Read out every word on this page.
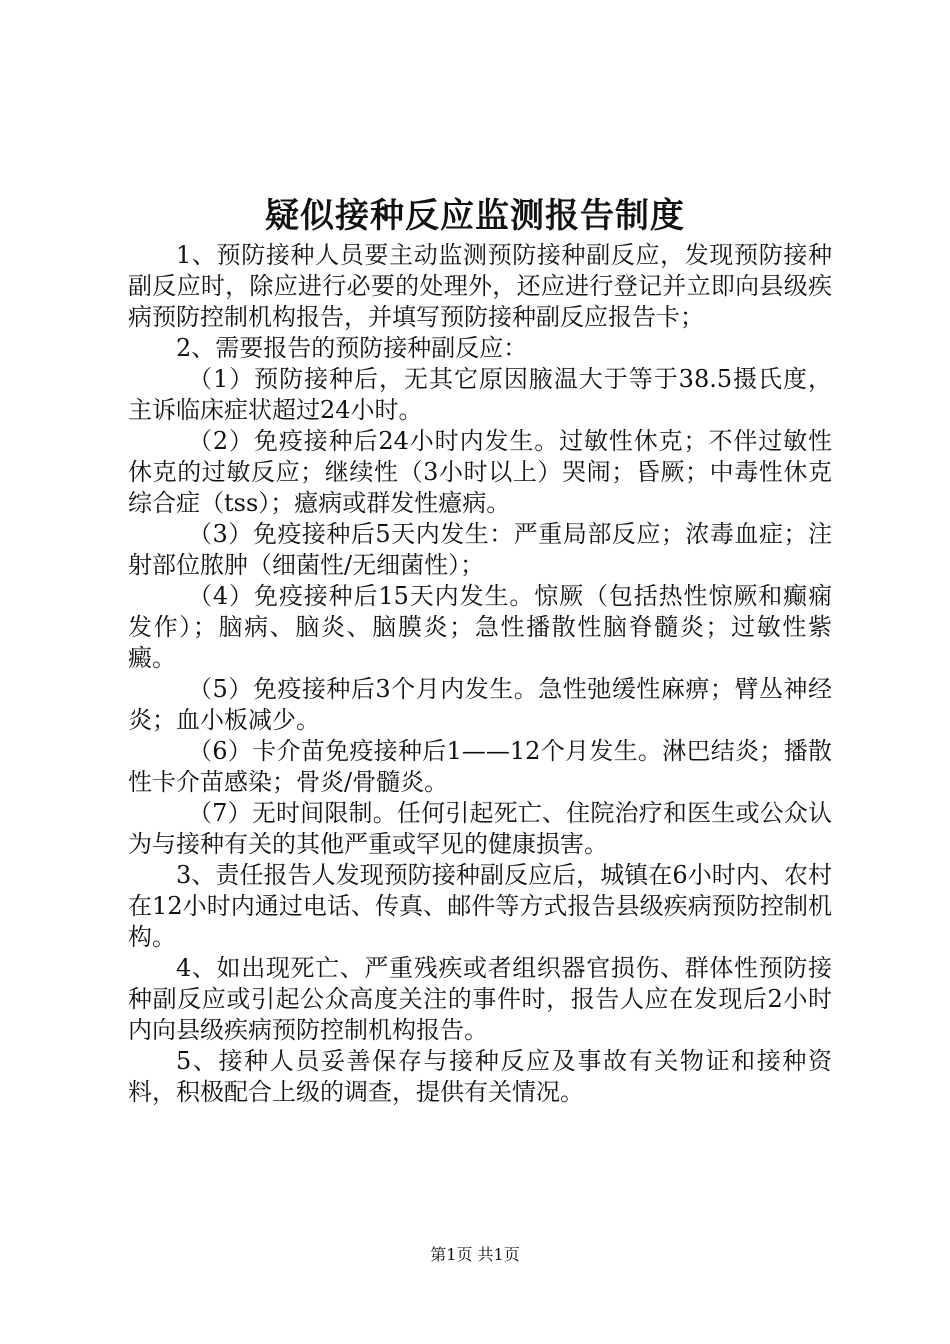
疑似接种反应监测报告制度

1、预防接种人员要主动监测预防接种副反应，发现预防接种副反应时，除应进行必要的处理外，还应进行登记并立即向县级疾病预防控制机构报告，并填写预防接种副反应报告卡；

2、需要报告的预防接种副反应：

（1）预防接种后，无其它原因腋温大于等于38.5摄氏度，主诉临床症状超过24小时。

（2）免疫接种后24小时内发生。过敏性休克；不伴过敏性休克的过敏反应；继续性（3小时以上）哭闹；昏厥；中毒性休克综合症（tss）；癔病或群发性癔病。

（3）免疫接种后5天内发生：严重局部反应；浓毒血症；注射部位脓肿（细菌性/无细菌性）；

（4）免疫接种后15天内发生。惊厥（包括热性惊厥和癫痫发作）；脑病、脑炎、脑膜炎；急性播散性脑脊髓炎；过敏性紫癜。

（5）免疫接种后3个月内发生。急性弛缓性麻痹；臂丛神经炎；血小板减少。

（6）卡介苗免疫接种后1——12个月发生。淋巴结炎；播散性卡介苗感染；骨炎/骨髓炎。

（7）无时间限制。任何引起死亡、住院治疗和医生或公众认为与接种有关的其他严重或罕见的健康损害。

3、责任报告人发现预防接种副反应后，城镇在6小时内、农村在12小时内通过电话、传真、邮件等方式报告县级疾病预防控制机构。

4、如出现死亡、严重残疾或者组织器官损伤、群体性预防接种副反应或引起公众高度关注的事件时，报告人应在发现后2小时内向县级疾病预防控制机构报告。

5、接种人员妥善保存与接种反应及事故有关物证和接种资料，积极配合上级的调查，提供有关情况。

第1页 共1页
